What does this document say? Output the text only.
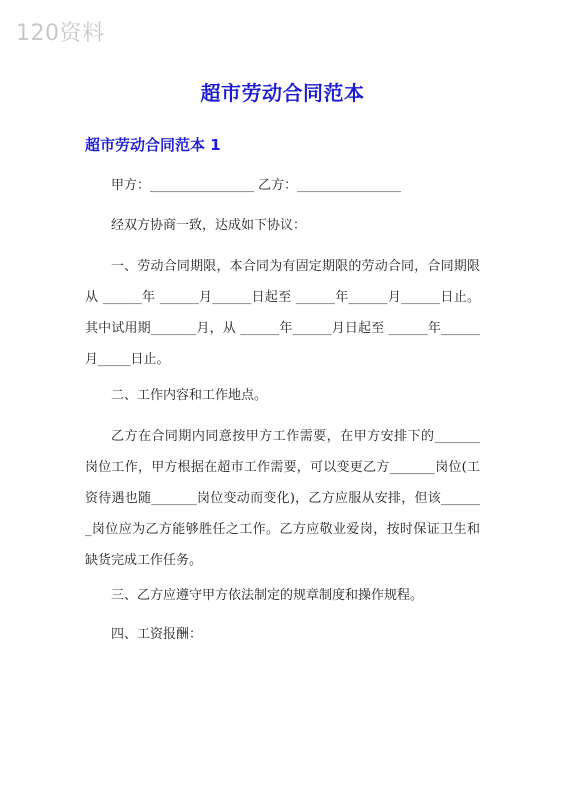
120资料
超市劳动合同范本
超市劳动合同范本 1
甲方：________________ 乙方：________________
经双方协商一致，达成如下协议：
一、劳动合同期限，本合同为有固定期限的劳动合同，合同期限从 ______年 ______月______日起至 ______年______月______日止。其中试用期_______月，从 ______年______月日起至 ______年______月_____日止。
二、工作内容和工作地点。
乙方在合同期内同意按甲方工作需要，在甲方安排下的_______岗位工作，甲方根据在超市工作需要，可以变更乙方_______岗位(工资待遇也随_______岗位变动而变化)，乙方应服从安排，但该_______岗位应为乙方能够胜任之工作。乙方应敬业爱岗，按时保证卫生和缺货完成工作任务。
三、乙方应遵守甲方依法制定的规章制度和操作规程。
四、工资报酬：
